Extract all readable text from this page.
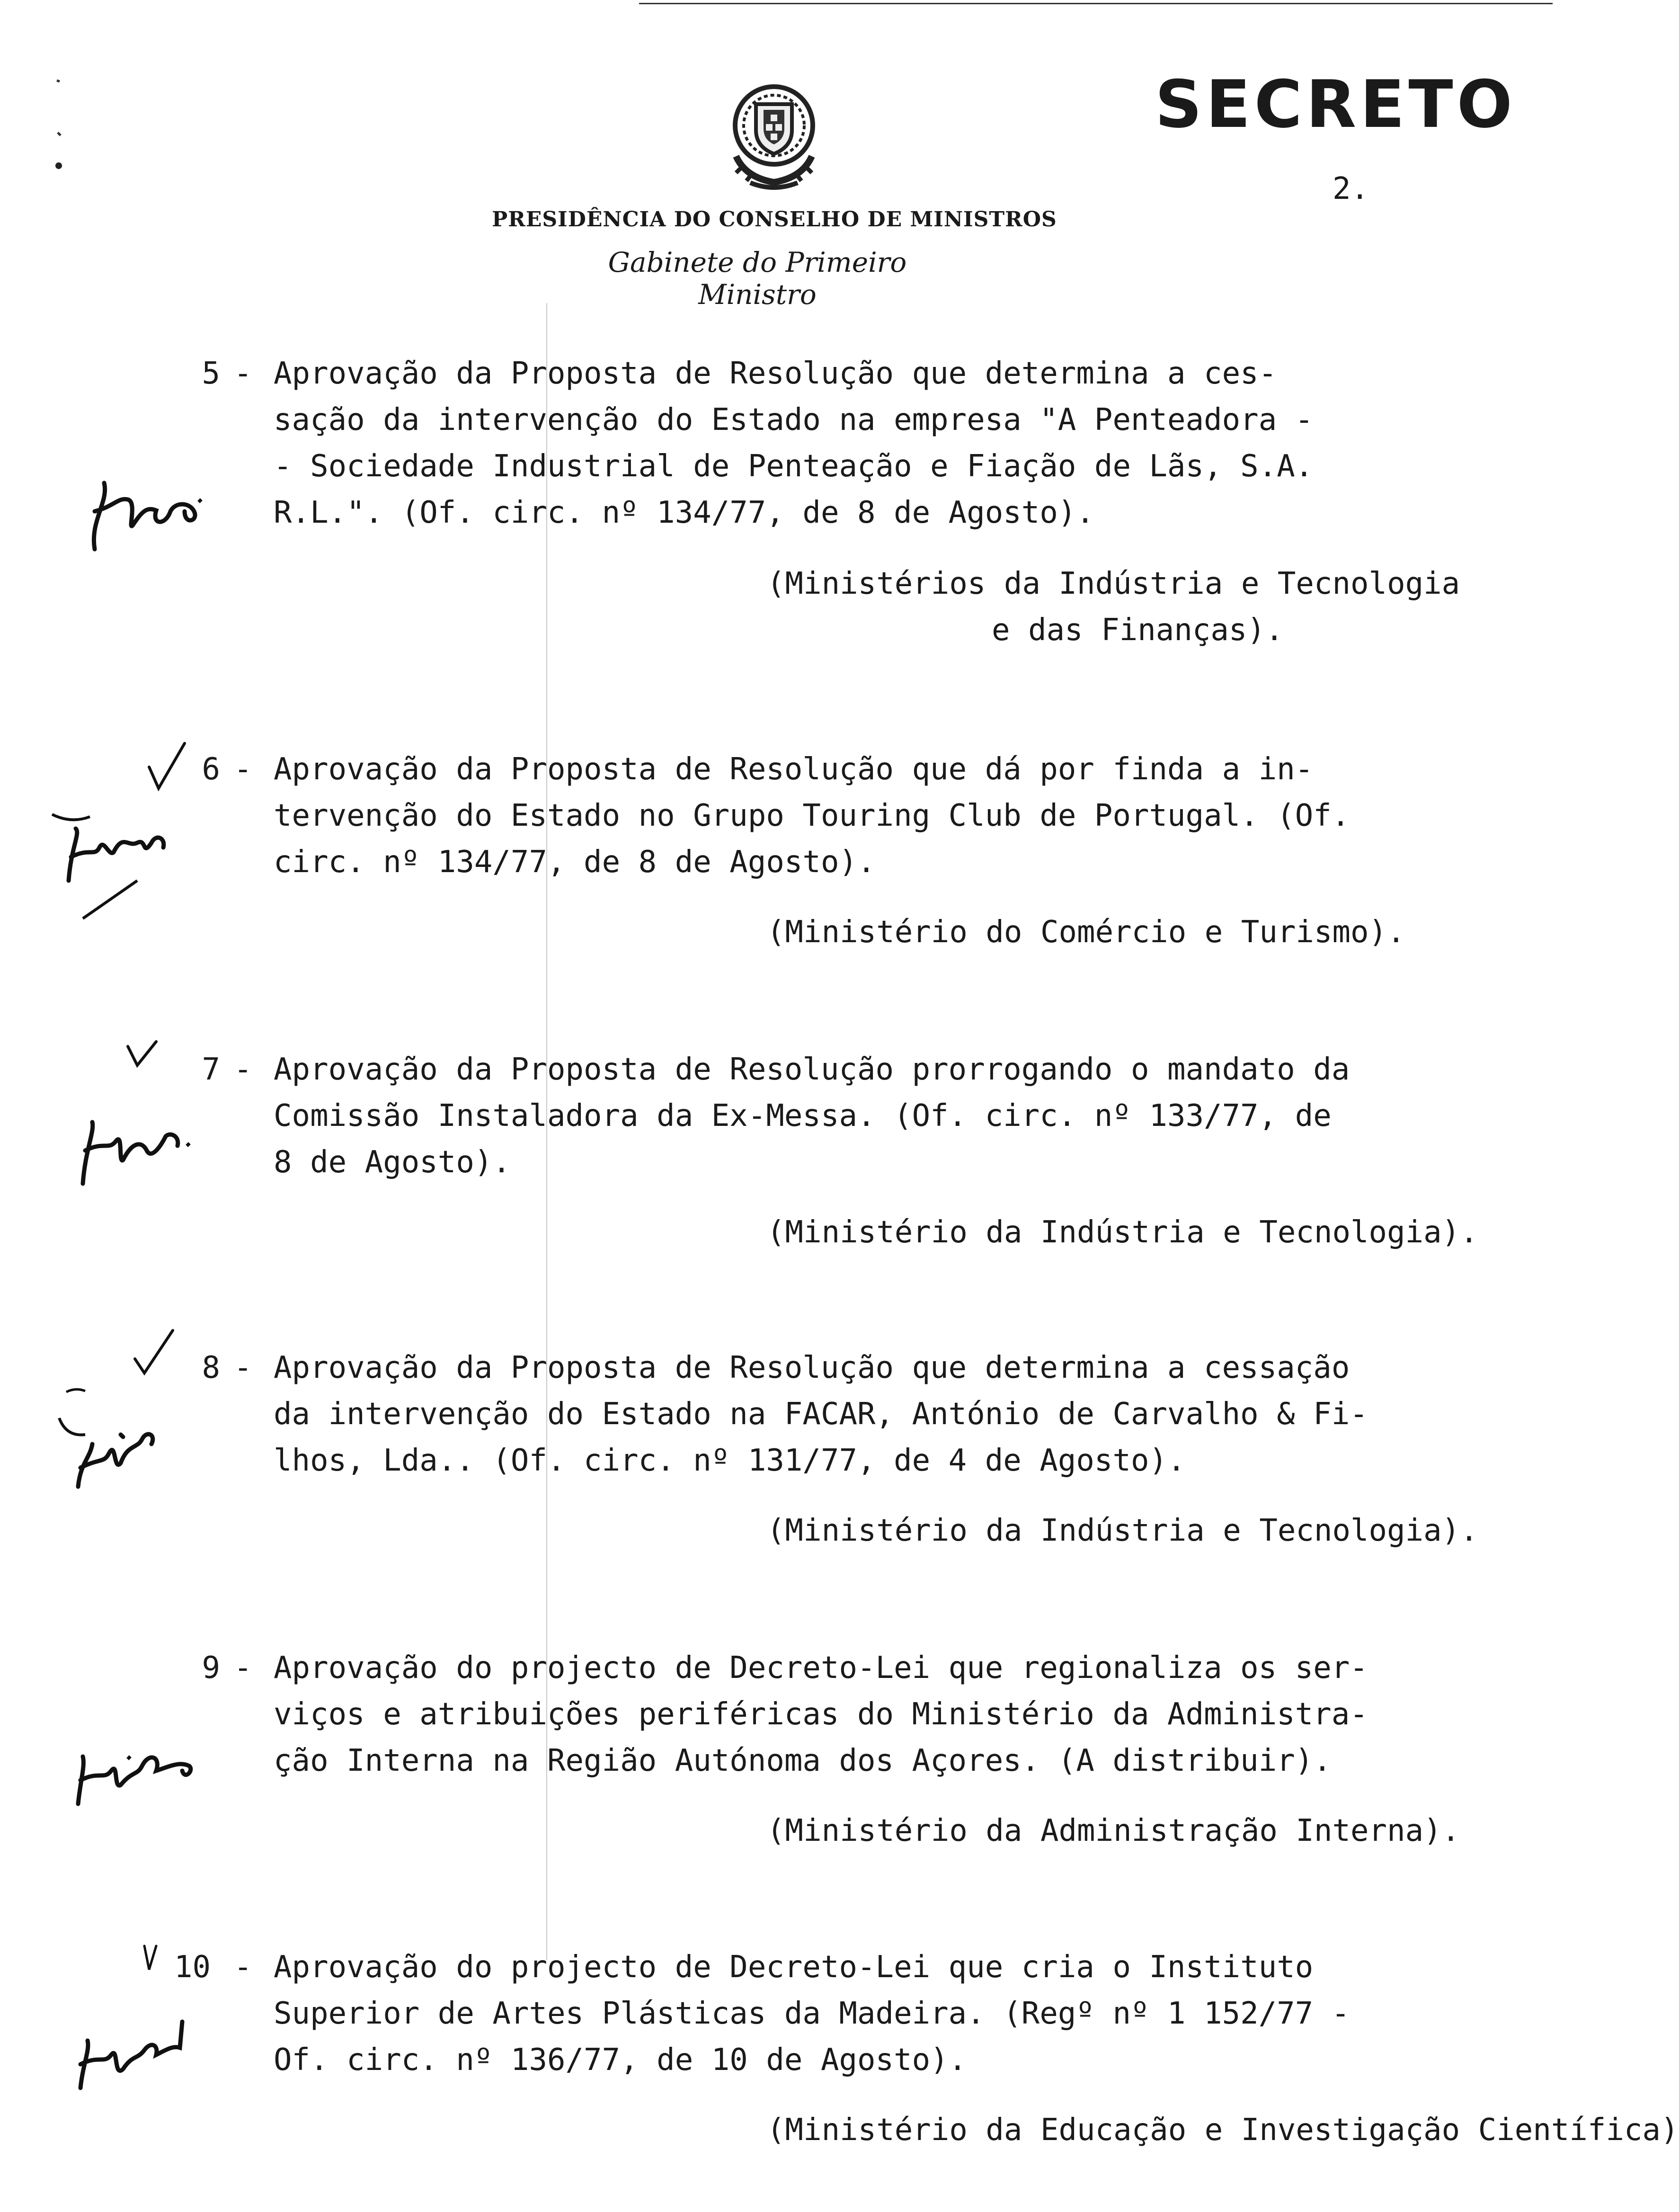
SECRETO
2.
PRESIDÊNCIA DO CONSELHO DE MINISTROS
Gabinete do Primeiro Ministro
5 - Aprovação da Proposta de Resolução que determina a ces-
sação da intervenção do Estado na empresa "A Penteadora -
- Sociedade Industrial de Penteação e Fiação de Lãs, S.A.
R.L.". (Of. circ. nº 134/77, de 8 de Agosto).
(Ministérios da Indústria e Tecnologia
e das Finanças).
6 - Aprovação da Proposta de Resolução que dá por finda a in-
tervenção do Estado no Grupo Touring Club de Portugal. (Of.
circ. nº 134/77, de 8 de Agosto).
(Ministério do Comércio e Turismo).
7 - Aprovação da Proposta de Resolução prorrogando o mandato da
Comissão Instaladora da Ex-Messa. (Of. circ. nº 133/77, de
8 de Agosto).
(Ministério da Indústria e Tecnologia).
8 - Aprovação da Proposta de Resolução que determina a cessação
da intervenção do Estado na FACAR, António de Carvalho & Fi-
lhos, Lda.. (Of. circ. nº 131/77, de 4 de Agosto).
(Ministério da Indústria e Tecnologia).
9 - Aprovação do projecto de Decreto-Lei que regionaliza os ser-
viços e atribuições periféricas do Ministério da Administra-
ção Interna na Região Autónoma dos Açores. (A distribuir).
(Ministério da Administração Interna).
10 - Aprovação do projecto de Decreto-Lei que cria o Instituto
Superior de Artes Plásticas da Madeira. (Regº nº 1 152/77 -
Of. circ. nº 136/77, de 10 de Agosto).
(Ministério da Educação e Investigação Científica)
